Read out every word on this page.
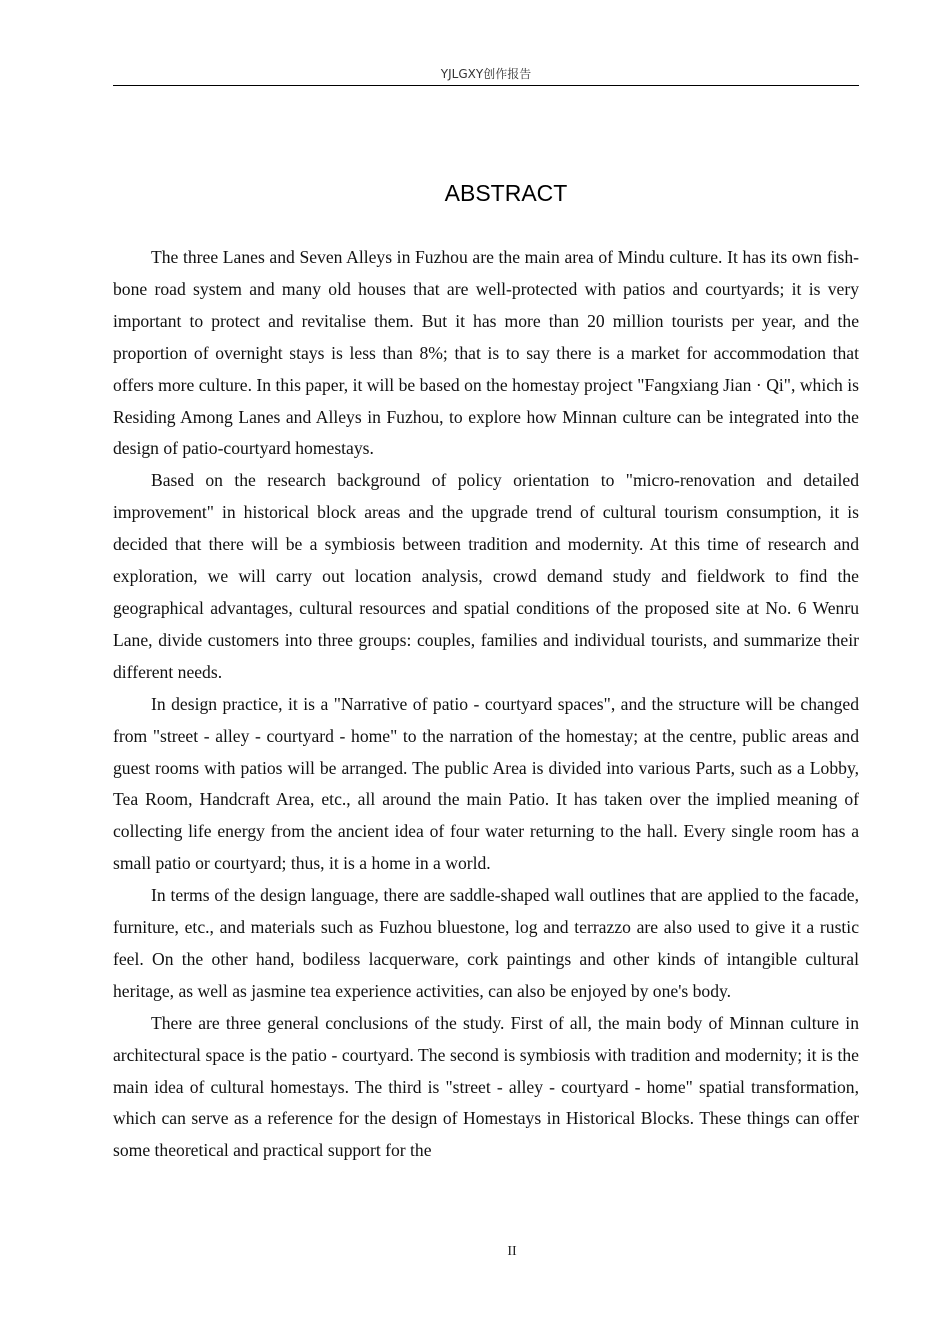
YJLGXY创作报告
ABSTRACT

The three Lanes and Seven Alleys in Fuzhou are the main area of Mindu culture. It has its own fish-bone road system and many old houses that are well-protected with patios and courtyards; it is very important to protect and revitalise them. But it has more than 20 million tourists per year, and the proportion of overnight stays is less than 8%; that is to say there is a market for accommodation that offers more culture. In this paper, it will be based on the homestay project "Fangxiang Jian · Qi", which is Residing Among Lanes and Alleys in Fuzhou, to explore how Minnan culture can be integrated into the design of patio-courtyard homestays.

Based on the research background of policy orientation to "micro-renovation and detailed improvement" in historical block areas and the upgrade trend of cultural tourism consumption, it is decided that there will be a symbiosis between tradition and modernity. At this time of research and exploration, we will carry out location analysis, crowd demand study and fieldwork to find the geographical advantages, cultural resources and spatial conditions of the proposed site at No. 6 Wenru Lane, divide customers into three groups: couples, families and individual tourists, and summarize their different needs.

In design practice, it is a "Narrative of patio - courtyard spaces", and the structure will be changed from "street - alley - courtyard - home" to the narration of the homestay; at the centre, public areas and guest rooms with patios will be arranged. The public Area is divided into various Parts, such as a Lobby, Tea Room, Handcraft Area, etc., all around the main Patio. It has taken over the implied meaning of collecting life energy from the ancient idea of four water returning to the hall. Every single room has a small patio or courtyard; thus, it is a home in a world.

In terms of the design language, there are saddle-shaped wall outlines that are applied to the facade, furniture, etc., and materials such as Fuzhou bluestone, log and terrazzo are also used to give it a rustic feel. On the other hand, bodiless lacquerware, cork paintings and other kinds of intangible cultural heritage, as well as jasmine tea experience activities, can also be enjoyed by one's body.

There are three general conclusions of the study. First of all, the main body of Minnan culture in architectural space is the patio - courtyard. The second is symbiosis with tradition and modernity; it is the main idea of cultural homestays. The third is "street - alley - courtyard - home" spatial transformation, which can serve as a reference for the design of Homestays in Historical Blocks. These things can offer some theoretical and practical support for the

II
